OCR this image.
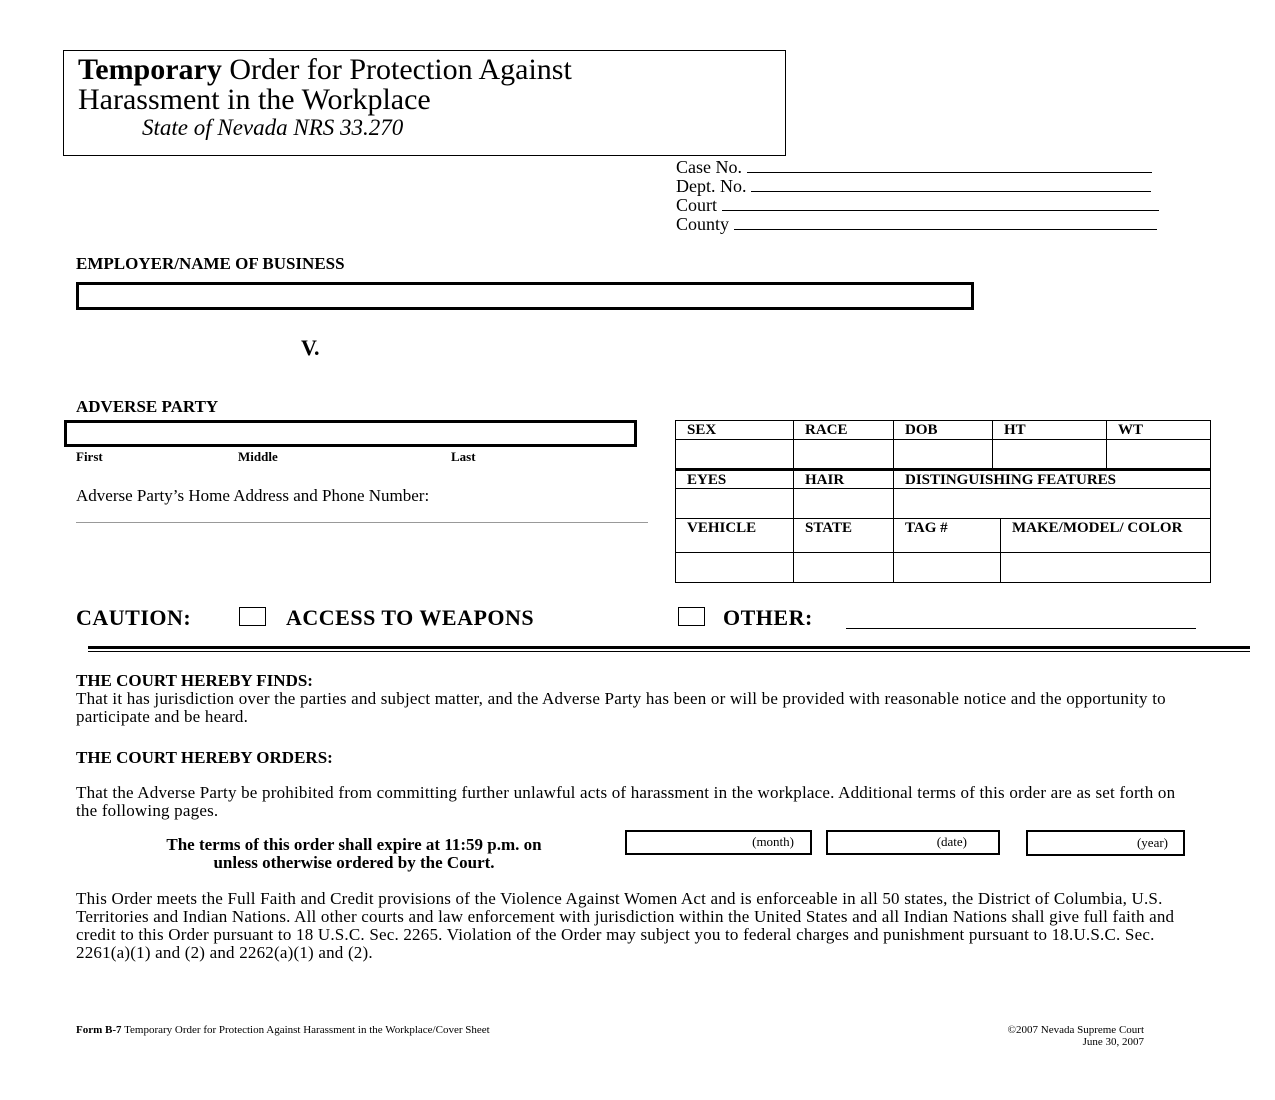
Temporary Order for Protection Against
Harassment in the Workplace
State of Nevada NRS 33.270
Case No.
Dept. No.
Court
County
EMPLOYER/NAME OF BUSINESS
V.
ADVERSE PARTY
First	Middle	Last
Adverse Party’s Home Address and Phone Number:
SEX	RACE	DOB	HT		WT

EYES	HAIR	DISTINGUISHING FEATURES			

VEHICLE	STATE	TAG #		MAKE/MODEL/ COLOR	

CAUTION:	ACCESS TO WEAPONS	OTHER:
THE COURT HEREBY FINDS:
That it has jurisdiction over the parties and subject matter, and the Adverse Party has been or will be provided with reasonable notice and the opportunity to participate and be heard.
THE COURT HEREBY ORDERS:
That the Adverse Party be prohibited from committing further unlawful acts of harassment in the workplace. Additional terms of this order are as set forth on the following pages.
The terms of this order shall expire at 11:59 p.m. on
unless otherwise ordered by the Court.
(month)	(date)	(year)
This Order meets the Full Faith and Credit provisions of the Violence Against Women Act and is enforceable in all 50 states, the District of Columbia, U.S. Territories and Indian Nations. All other courts and law enforcement with jurisdiction within the United States and all Indian Nations shall give full faith and credit to this Order pursuant to 18 U.S.C. Sec. 2265. Violation of the Order may subject you to federal charges and punishment pursuant to 18.U.S.C. Sec. 2261(a)(1) and (2) and 2262(a)(1) and (2).
Form B-7 Temporary Order for Protection Against Harassment in the Workplace/Cover Sheet	©2007 Nevada Supreme Court
June 30, 2007
